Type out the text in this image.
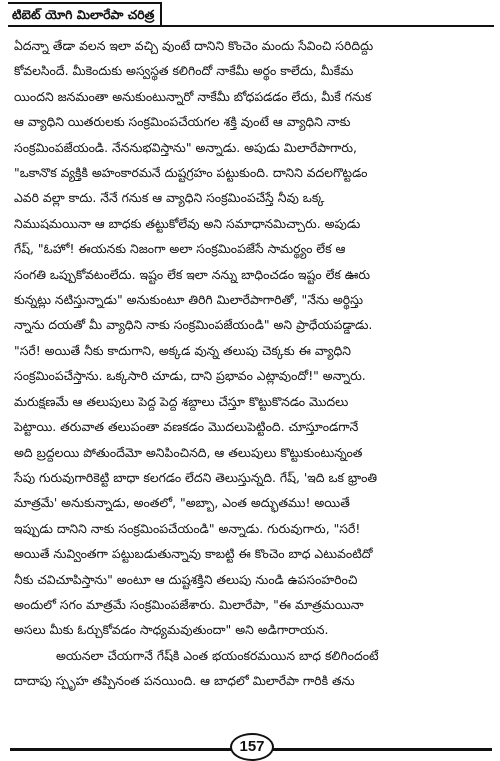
టిబెట్ యోగి మిలారేపా చరిత్ర

ఏదన్నా తేడా వలన ఇలా వచ్చి వుంటే దానిని కొంచెం మందు సేవించి సరిదిద్దు
కోవలసిందే. మీకెందుకు అస్వస్థత కలిగిందో నాకేమీ అర్థం కాలేదు, మీకేమ
యిందని జనమంతా అనుకుంటున్నారో నాకేమీ బోధపడడం లేదు, మీకే గనుక
ఆ వ్యాధిని యితరులకు సంక్రమింపచేయగల శక్తి వుంటే ఆ వ్యాధిని నాకు
సంక్రమింపజేయండి. నేననుభవిస్తాను" అన్నాడు. అపుడు మిలారేపాగారు,
"ఒకానొక వ్యక్తికి అహంకారమనే దుష్టగ్రహం పట్టుకుంది. దానిని వదలగొట్టడం
ఎవరి వల్లా కాదు. నేనే గనుక ఆ వ్యాధిని సంక్రమింపచేస్తే నీవు ఒక్క
నిముషమయినా ఆ బాధకు తట్టుకోలేవు అని సమాధానమిచ్చారు. అపుడు
గేష్, "ఓహో! ఈయనకు నిజంగా అలా సంక్రమింపజేసే సామర్థ్యం లేక ఆ
సంగతి ఒప్పుకోవటంలేదు. ఇష్టం లేక ఇలా నన్ను బాధించడం ఇష్టం లేక ఊరు
కున్నట్లు నటిస్తున్నాడు" అనుకుంటూ తిరిగి మిలారేపాగారితో, "నేను అర్థిస్తు
న్నాను దయతో మీ వ్యాధిని నాకు సంక్రమింపజేయండి" అని ప్రాధేయపడ్డాడు.
"సరే! అయితే నీకు కాదుగాని, అక్కడ వున్న తలుపు చెక్కకు ఈ వ్యాధిని
సంక్రమింపచేస్తాను. ఒక్కసారి చూడు, దాని ప్రభావం ఎట్లావుందో!" అన్నారు.
మరుక్షణమే ఆ తలుపులు పెద్ద పెద్ద శబ్దాలు చేస్తూ కొట్టుకొనడం మొదలు
పెట్టాయి. తరువాత తలుపంతా వణకడం మొదలుపెట్టింది. చూస్తూండగానే
అది బ్రద్దలయి పోతుందేమో అనిపించినది, ఆ తలుపులు కొట్టుకుంటున్నంత
సేపు గురువుగారికెట్టి బాధా కలగడం లేదని తెలుస్తున్నది. గేష్, 'ఇది ఒక భ్రాంతి
మాత్రమే' అనుకున్నాడు, అంతలో, "అబ్బా, ఎంత అద్భుతము! అయితే
ఇప్పుడు దానిని నాకు సంక్రమింపచేయండి" అన్నాడు. గురువుగారు, "సరే!
అయితే నువ్వింతగా పట్టుబడుతున్నావు కాబట్టి ఈ కొంచెం బాధ ఎటువంటిదో
నీకు చవిచూపిస్తాను" అంటూ ఆ దుష్టశక్తిని తలుపు నుండి ఉపసంహరించి
అందులో సగం మాత్రమే సంక్రమింపజేశారు. మిలారేపా, "ఈ మాత్రమయినా
అసలు మీకు ఓర్చుకోవడం సాధ్యమవుతుందా" అని అడిగారాయన.

అయనలా చేయగానే గేష్‌కి ఎంత భయంకరమయిన బాధ కలిగిందంటే
దాదాపు స్పృహ తప్పినంత పనయింది. ఆ బాధలో మిలారేపా గారికి తను

157
